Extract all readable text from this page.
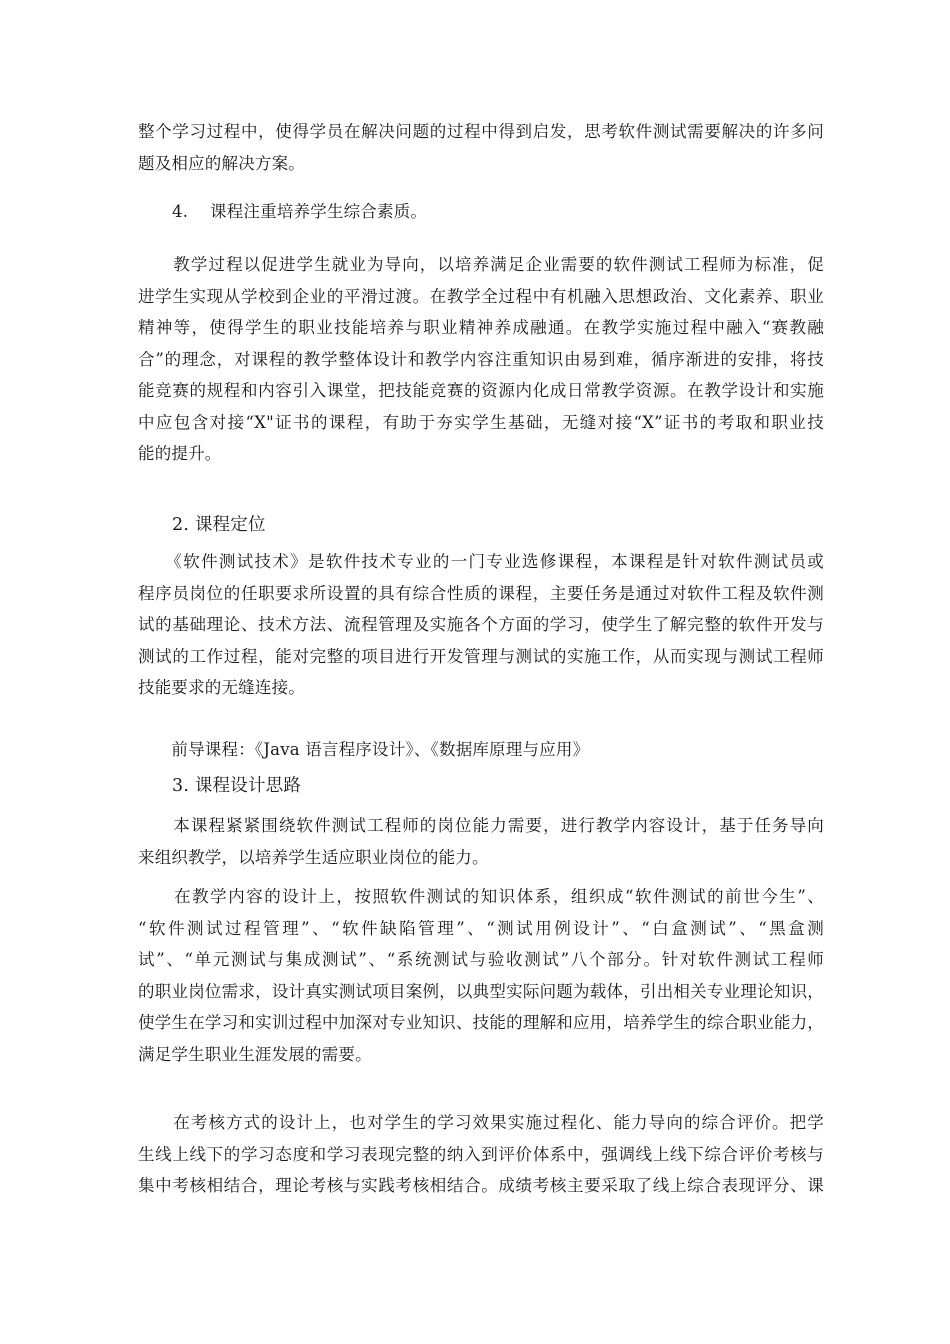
整个学习过程中，使得学员在解决问题的过程中得到启发，思考软件测试需要解决的许多问
题及相应的解决方案。
4. 课程注重培养学生综合素质。
　　教学过程以促进学生就业为导向，以培养满足企业需要的软件测试工程师为标准，促
进学生实现从学校到企业的平滑过渡。在教学全过程中有机融入思想政治、文化素养、职业
精神等，使得学生的职业技能培养与职业精神养成融通。在教学实施过程中融入“赛教融
合”的理念，对课程的教学整体设计和教学内容注重知识由易到难，循序渐进的安排，将技
能竞赛的规程和内容引入课堂，把技能竞赛的资源内化成日常教学资源。在教学设计和实施
中应包含对接“X"证书的课程，有助于夯实学生基础，无缝对接“X”证书的考取和职业技
能的提升。
2. 课程定位
　　《软件测试技术》是软件技术专业的一门专业选修课程，本课程是针对软件测试员或
程序员岗位的任职要求所设置的具有综合性质的课程，主要任务是通过对软件工程及软件测
试的基础理论、技术方法、流程管理及实施各个方面的学习，使学生了解完整的软件开发与
测试的工作过程，能对完整的项目进行开发管理与测试的实施工作，从而实现与测试工程师
技能要求的无缝连接。
　　前导课程：《Java 语言程序设计》、《数据库原理与应用》
3. 课程设计思路
　　本课程紧紧围绕软件测试工程师的岗位能力需要，进行教学内容设计，基于任务导向
来组织教学，以培养学生适应职业岗位的能力。
　　在教学内容的设计上，按照软件测试的知识体系，组织成“软件测试的前世今生”、
“软件测试过程管理”、“软件缺陷管理”、“测试用例设计”、“白盒测试”、“黑盒测
试”、“单元测试与集成测试”、“系统测试与验收测试”八个部分。针对软件测试工程师
的职业岗位需求，设计真实测试项目案例，以典型实际问题为载体，引出相关专业理论知识，
使学生在学习和实训过程中加深对专业知识、技能的理解和应用，培养学生的综合职业能力，
满足学生职业生涯发展的需要。
　　在考核方式的设计上，也对学生的学习效果实施过程化、能力导向的综合评价。把学
生线上线下的学习态度和学习表现完整的纳入到评价体系中，强调线上线下综合评价考核与
集中考核相结合，理论考核与实践考核相结合。成绩考核主要采取了线上综合表现评分、课
